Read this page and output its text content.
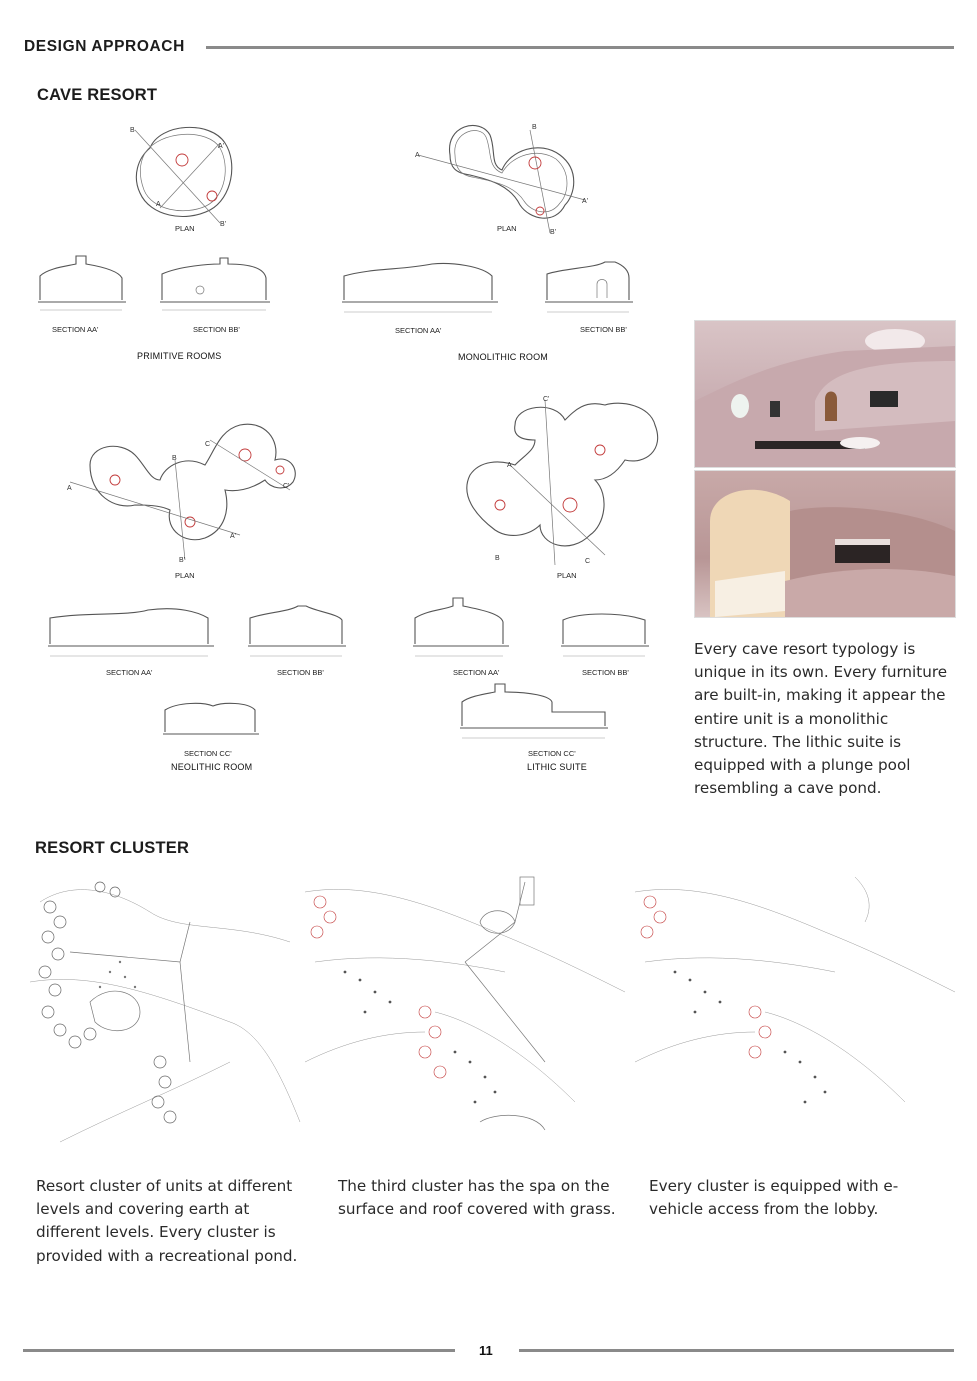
DESIGN APPROACH
CAVE RESORT
B
A'
A
B'
PLAN
A
B
A'
B'
PLAN
SECTION AA'	SECTION BB'
PRIMITIVE ROOMS
SECTION AA'	SECTION BB'
MONOLITHIC ROOM
A
B
C
C'
A'
B'
PLAN
C'
A
C
B
PLAN
SECTION AA'	SECTION BB'
SECTION CC'
NEOLITHIC ROOM
SECTION AA'	SECTION BB'
SECTION CC'
LITHIC SUITE
Every cave resort typology is unique in its own. Every furniture are built-in, making it appear the entire unit is a monolithic structure. The lithic suite is equipped with a plunge pool resembling a cave pond.
RESORT CLUSTER
Resort cluster of units at different levels and covering earth at different levels. Every cluster is provided with a recreational pond.
The third cluster has the spa on the surface and roof covered with grass.
Every cluster is equipped with e-vehicle access from the lobby.
11
